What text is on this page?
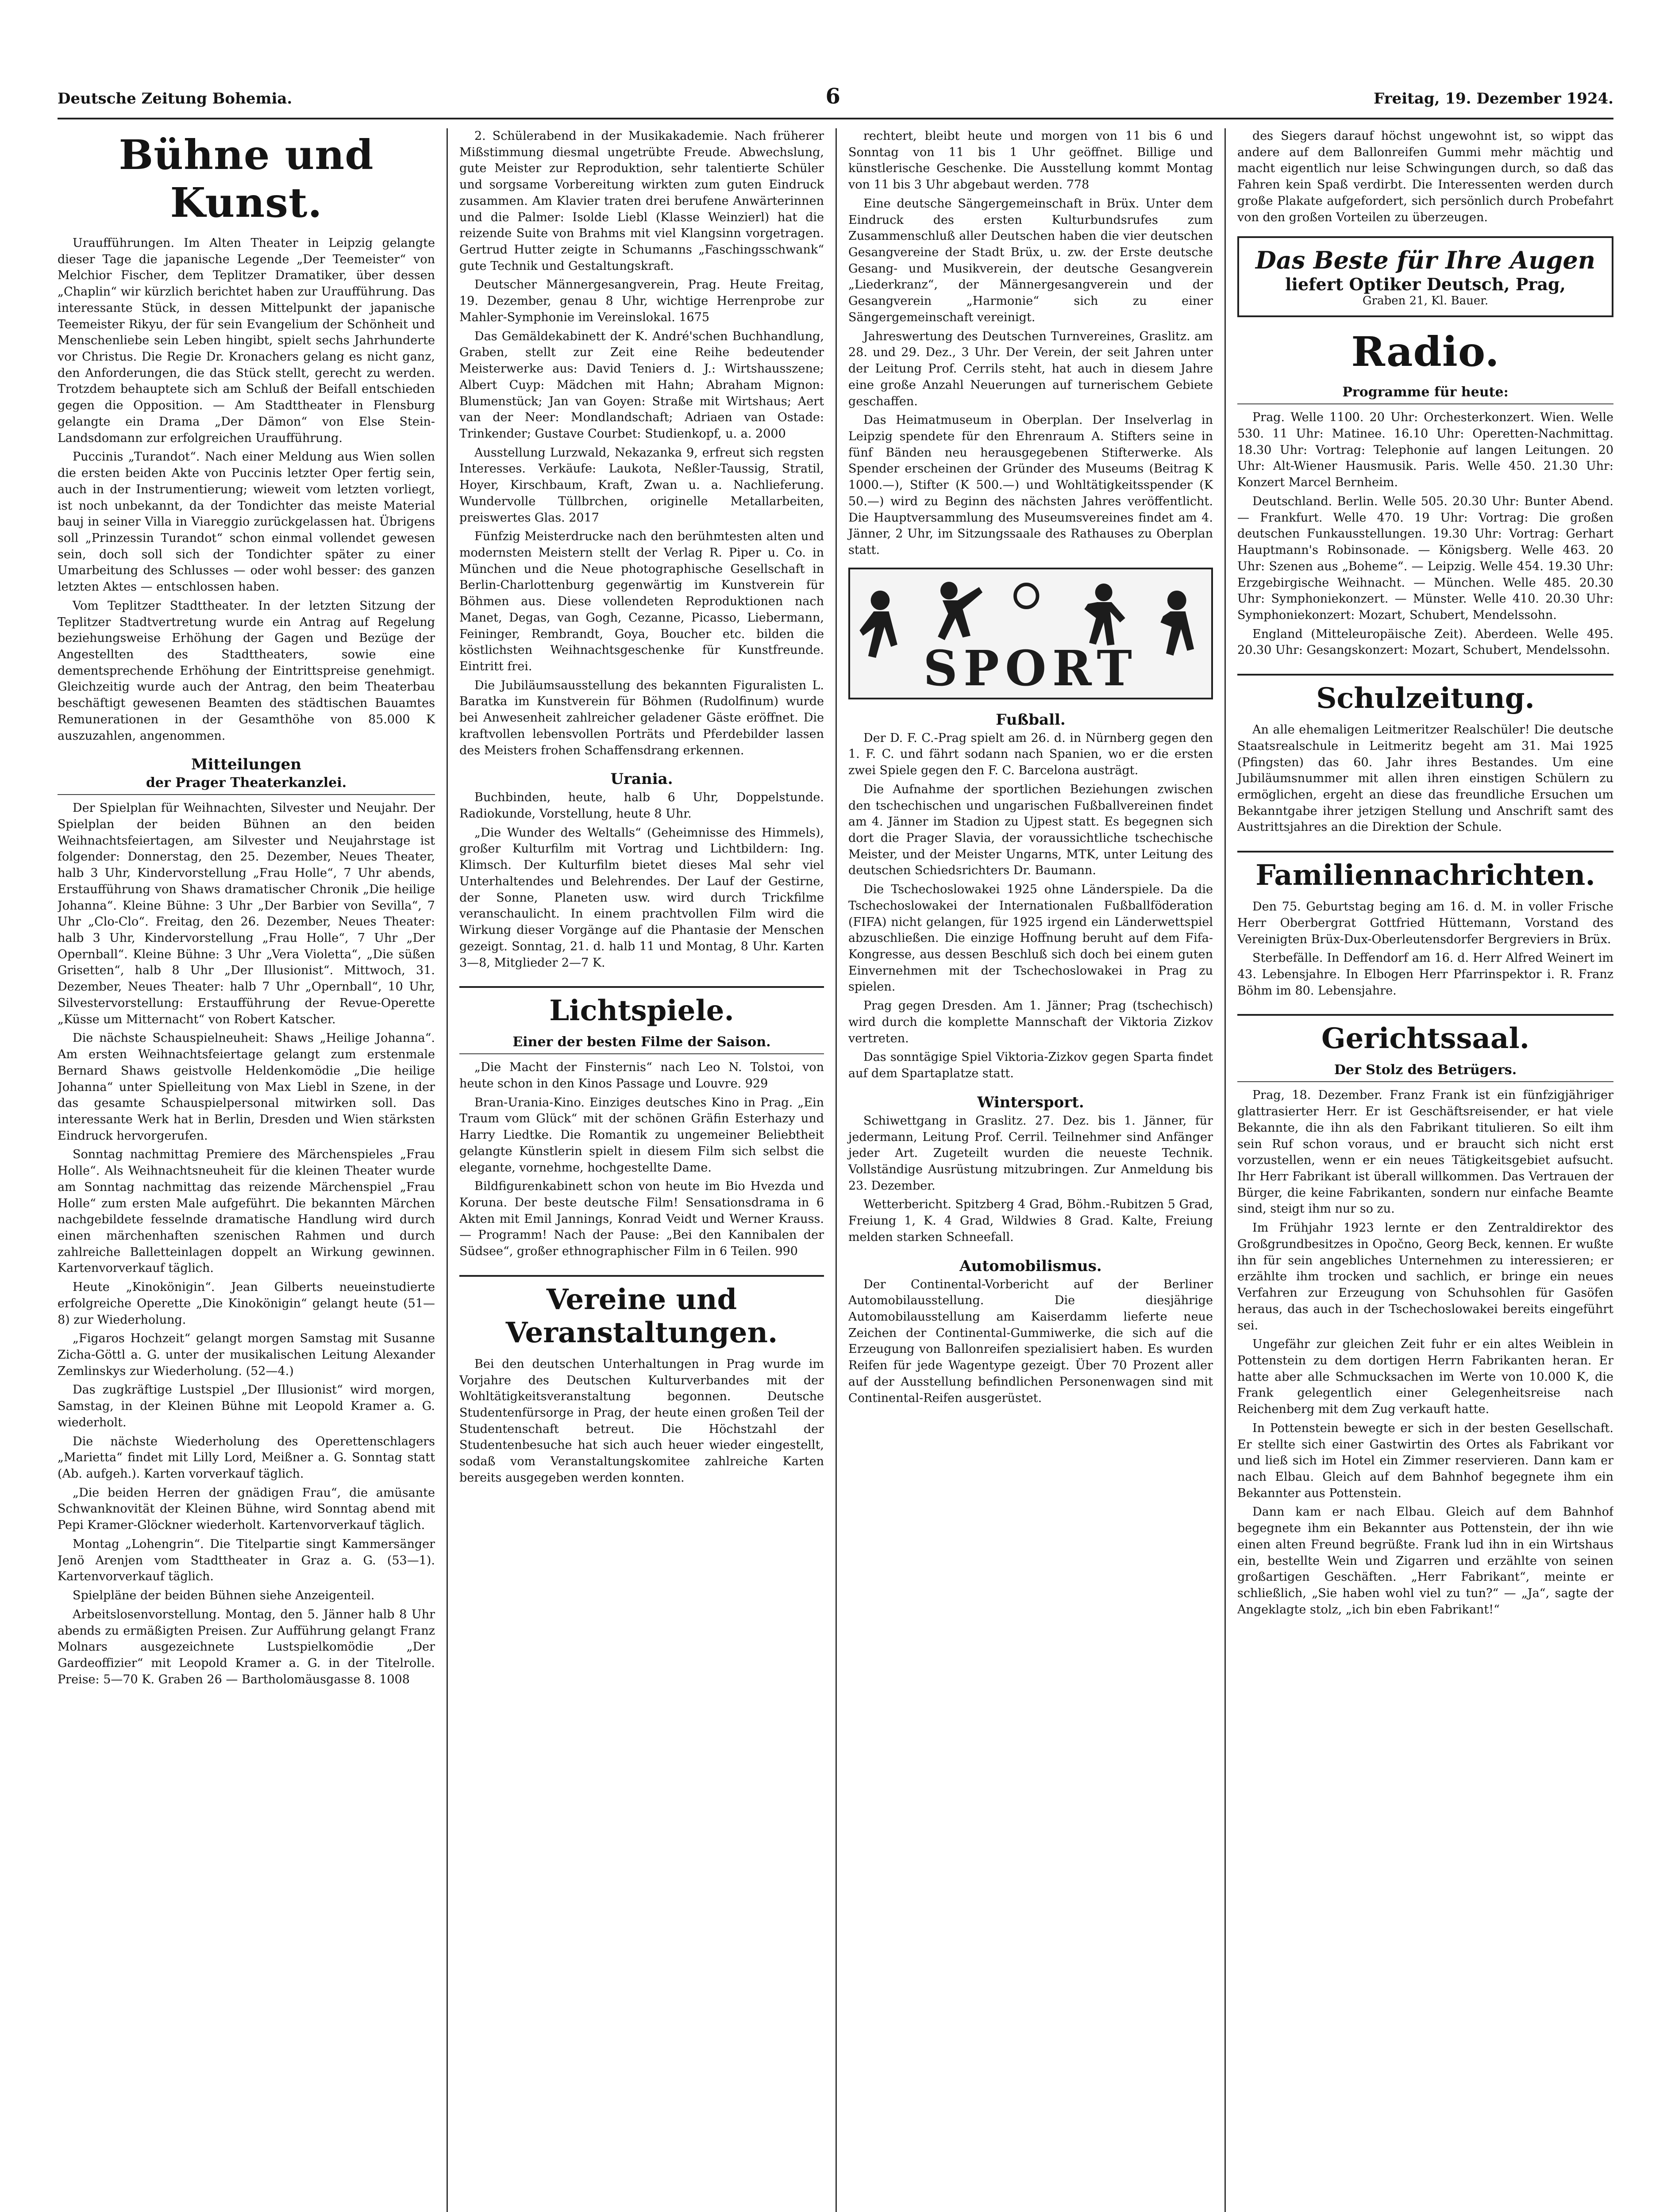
Deutsche Zeitung Bohemia.	6	Freitag, 19. Dezember 1924.
Bühne und Kunst.

Uraufführungen. Im Alten Theater in Leipzig gelangte dieser Tage die japanische Legende „Der Teemeister“ von Melchior Fischer, dem Teplitzer Dramatiker, über dessen „Chaplin“ wir kürzlich berichtet haben zur Uraufführung. Das interessante Stück, in dessen Mittelpunkt der japanische Teemeister Rikyu, der für sein Evangelium der Schönheit und Menschenliebe sein Leben hingibt, spielt sechs Jahrhunderte vor Christus. Die Regie Dr. Kronachers gelang es nicht ganz, den Anforderungen, die das Stück stellt, gerecht zu werden. Trotzdem behauptete sich am Schluß der Beifall entschieden gegen die Opposition. — Am Stadttheater in Flensburg gelangte ein Drama „Der Dämon“ von Else Stein-Landsdomann zur erfolgreichen Uraufführung.

Puccinis „Turandot“. Nach einer Meldung aus Wien sollen die ersten beiden Akte von Puccinis letzter Oper fertig sein, auch in der Instrumentierung; wieweit vom letzten vorliegt, ist noch unbekannt, da der Tondichter das meiste Material bauj in seiner Villa in Viareggio zurückgelassen hat. Übrigens soll „Prinzessin Turandot“ schon einmal vollendet gewesen sein, doch soll sich der Tondichter später zu einer Umarbeitung des Schlusses — oder wohl besser: des ganzen letzten Aktes — entschlossen haben.

Vom Teplitzer Stadttheater. In der letzten Sitzung der Teplitzer Stadtvertretung wurde ein Antrag auf Regelung beziehungsweise Erhöhung der Gagen und Bezüge der Angestellten des Stadttheaters, sowie eine dementsprechende Erhöhung der Eintrittspreise genehmigt. Gleichzeitig wurde auch der Antrag, den beim Theaterbau beschäftigt gewesenen Beamten des städtischen Bauamtes Remunerationen in der Gesamthöhe von 85.000 K auszuzahlen, angenommen.

Mitteilungen
der Prager Theaterkanzlei.

Der Spielplan für Weihnachten, Silvester und Neujahr. Der Spielplan der beiden Bühnen an den beiden Weihnachtsfeiertagen, am Silvester und Neujahrstage ist folgender: Donnerstag, den 25. Dezember, Neues Theater, halb 3 Uhr, Kindervorstellung „Frau Holle“, 7 Uhr abends, Erstaufführung von Shaws dramatischer Chronik „Die heilige Johanna“. Kleine Bühne: 3 Uhr „Der Barbier von Sevilla“, 7 Uhr „Clo-Clo“. Freitag, den 26. Dezember, Neues Theater: halb 3 Uhr, Kindervorstellung „Frau Holle“, 7 Uhr „Der Opernball“. Kleine Bühne: 3 Uhr „Vera Violetta“, „Die süßen Grisetten“, halb 8 Uhr „Der Illusionist“. Mittwoch, 31. Dezember, Neues Theater: halb 7 Uhr „Opernball“, 10 Uhr, Silvestervorstellung: Erstaufführung der Revue-Operette „Küsse um Mitternacht“ von Robert Katscher.

Die nächste Schauspielneuheit: Shaws „Heilige Johanna“. Am ersten Weihnachtsfeiertage gelangt zum erstenmale Bernard Shaws geistvolle Heldenkomödie „Die heilige Johanna“ unter Spielleitung von Max Liebl in Szene, in der das gesamte Schauspielpersonal mitwirken soll. Das interessante Werk hat in Berlin, Dresden und Wien stärksten Eindruck hervorgerufen.

Sonntag nachmittag Premiere des Märchenspieles „Frau Holle“. Als Weihnachtsneuheit für die kleinen Theater wurde am Sonntag nachmittag das reizende Märchenspiel „Frau Holle“ zum ersten Male aufgeführt. Die bekannten Märchen nachgebildete fesselnde dramatische Handlung wird durch einen märchenhaften szenischen Rahmen und durch zahlreiche Balletteinlagen doppelt an Wirkung gewinnen. Kartenvorverkauf täglich.

Heute „Kinokönigin“. Jean Gilberts neueinstudierte erfolgreiche Operette „Die Kinokönigin“ gelangt heute (51—8) zur Wiederholung.

„Figaros Hochzeit“ gelangt morgen Samstag mit Susanne Zicha-Göttl a. G. unter der musikalischen Leitung Alexander Zemlinskys zur Wiederholung. (52—4.)

Das zugkräftige Lustspiel „Der Illusionist“ wird morgen, Samstag, in der Kleinen Bühne mit Leopold Kramer a. G. wiederholt.

Die nächste Wiederholung des Operettenschlagers „Marietta“ findet mit Lilly Lord, Meißner a. G. Sonntag statt (Ab. aufgeh.). Karten vorverkauf täglich.

„Die beiden Herren der gnädigen Frau“, die amüsante Schwanknovität der Kleinen Bühne, wird Sonntag abend mit Pepi Kramer-Glöckner wiederholt. Kartenvorverkauf täglich.

Montag „Lohengrin“. Die Titelpartie singt Kammersänger Jenö Arenjen vom Stadttheater in Graz a. G. (53—1). Kartenvorverkauf täglich.

Spielpläne der beiden Bühnen siehe Anzeigenteil.

Arbeitslosenvorstellung. Montag, den 5. Jänner halb 8 Uhr abends zu ermäßigten Preisen. Zur Aufführung gelangt Franz Molnars ausgezeichnete Lustspielkomödie „Der Gardeoffizier“ mit Leopold Kramer a. G. in der Titelrolle. Preise: 5—70 K. Graben 26 — Bartholomäusgasse 8. 1008

2. Schülerabend in der Musikakademie. Nach früherer Mißstimmung diesmal ungetrübte Freude. Abwechslung, gute Meister zur Reproduktion, sehr talentierte Schüler und sorgsame Vorbereitung wirkten zum guten Eindruck zusammen. Am Klavier traten drei berufene Anwärterinnen und die Palmer: Isolde Liebl (Klasse Weinzierl) hat die reizende Suite von Brahms mit viel Klangsinn vorgetragen. Gertrud Hutter zeigte in Schumanns „Faschingsschwank“ gute Technik und Gestaltungskraft.

Deutscher Männergesangverein, Prag. Heute Freitag, 19. Dezember, genau 8 Uhr, wichtige Herrenprobe zur Mahler-Symphonie im Vereinslokal. 1675

Das Gemäldekabinett der K. André'schen Buchhandlung, Graben, stellt zur Zeit eine Reihe bedeutender Meisterwerke aus: David Teniers d. J.: Wirtshausszene; Albert Cuyp: Mädchen mit Hahn; Abraham Mignon: Blumenstück; Jan van Goyen: Straße mit Wirtshaus; Aert van der Neer: Mondlandschaft; Adriaen van Ostade: Trinkender; Gustave Courbet: Studienkopf, u. a. 2000

Ausstellung Lurzwald, Nekazanka 9, erfreut sich regsten Interesses. Verkäufe: Laukota, Neßler-Taussig, Stratil, Hoyer, Kirschbaum, Kraft, Zwan u. a. Nachlieferung. Wundervolle Tüllbrchen, originelle Metallarbeiten, preiswertes Glas. 2017

Fünfzig Meisterdrucke nach den berühmtesten alten und modernsten Meistern stellt der Verlag R. Piper u. Co. in München und die Neue photographische Gesellschaft in Berlin-Charlottenburg gegenwärtig im Kunstverein für Böhmen aus. Diese vollendeten Reproduktionen nach Manet, Degas, van Gogh, Cezanne, Picasso, Liebermann, Feininger, Rembrandt, Goya, Boucher etc. bilden die köstlichsten Weihnachtsgeschenke für Kunstfreunde. Eintritt frei.

Die Jubiläumsausstellung des bekannten Figuralisten L. Baratka im Kunstverein für Böhmen (Rudolfinum) wurde bei Anwesenheit zahlreicher geladener Gäste eröffnet. Die kraftvollen lebensvollen Porträts und Pferdebilder lassen des Meisters frohen Schaffensdrang erkennen.

Urania.

Buchbinden, heute, halb 6 Uhr, Doppelstunde. Radiokunde, Vorstellung, heute 8 Uhr.

„Die Wunder des Weltalls“ (Geheimnisse des Himmels), großer Kulturfilm mit Vortrag und Lichtbildern: Ing. Klimsch. Der Kulturfilm bietet dieses Mal sehr viel Unterhaltendes und Belehrendes. Der Lauf der Gestirne, der Sonne, Planeten usw. wird durch Trickfilme veranschaulicht. In einem prachtvollen Film wird die Wirkung dieser Vorgänge auf die Phantasie der Menschen gezeigt. Sonntag, 21. d. halb 11 und Montag, 8 Uhr. Karten 3—8, Mitglieder 2—7 K.

Lichtspiele.
Einer der besten Filme der Saison.

„Die Macht der Finsternis“ nach Leo N. Tolstoi, von heute schon in den Kinos Passage und Louvre. 929

Bran-Urania-Kino. Einziges deutsches Kino in Prag. „Ein Traum vom Glück“ mit der schönen Gräfin Esterhazy und Harry Liedtke. Die Romantik zu ungemeiner Beliebtheit gelangte Künstlerin spielt in diesem Film sich selbst die elegante, vornehme, hochgestellte Dame.

Bildfigurenkabinett schon von heute im Bio Hvezda und Koruna. Der beste deutsche Film! Sensationsdrama in 6 Akten mit Emil Jannings, Konrad Veidt und Werner Krauss. — Programm! Nach der Pause: „Bei den Kannibalen der Südsee“, großer ethnographischer Film in 6 Teilen. 990

Vereine und Veranstaltungen.

Bei den deutschen Unterhaltungen in Prag wurde im Vorjahre des Deutschen Kulturverbandes mit der Wohltätigkeitsveranstaltung begonnen. Deutsche Studentenfürsorge in Prag, der heute einen großen Teil der Studentenschaft betreut. Die Höchstzahl der Studentenbesuche hat sich auch heuer wieder eingestellt, sodaß vom Veranstaltungskomitee zahlreiche Karten bereits ausgegeben werden konnten.

rechtert, bleibt heute und morgen von 11 bis 6 und Sonntag von 11 bis 1 Uhr geöffnet. Billige und künstlerische Geschenke. Die Ausstellung kommt Montag von 11 bis 3 Uhr abgebaut werden. 778

Eine deutsche Sängergemeinschaft in Brüx. Unter dem Eindruck des ersten Kulturbundsrufes zum Zusammenschluß aller Deutschen haben die vier deutschen Gesangvereine der Stadt Brüx, u. zw. der Erste deutsche Gesang- und Musikverein, der deutsche Gesangverein „Liederkranz“, der Männergesangverein und der Gesangverein „Harmonie“ sich zu einer Sängergemeinschaft vereinigt.

Jahreswertung des Deutschen Turnvereines, Graslitz. am 28. und 29. Dez., 3 Uhr. Der Verein, der seit Jahren unter der Leitung Prof. Cerrils steht, hat auch in diesem Jahre eine große Anzahl Neuerungen auf turnerischem Gebiete geschaffen.

Das Heimatmuseum in Oberplan. Der Inselverlag in Leipzig spendete für den Ehrenraum A. Stifters seine in fünf Bänden neu herausgegebenen Stifterwerke. Als Spender erscheinen der Gründer des Museums (Beitrag K 1000.—), Stifter (K 500.—) und Wohltätigkeitsspender (K 50.—) wird zu Beginn des nächsten Jahres veröffentlicht. Die Hauptversammlung des Museumsvereines findet am 4. Jänner, 2 Uhr, im Sitzungssaale des Rathauses zu Oberplan statt.

SPORT
Fußball.

Der D. F. C.-Prag spielt am 26. d. in Nürnberg gegen den 1. F. C. und fährt sodann nach Spanien, wo er die ersten zwei Spiele gegen den F. C. Barcelona austrägt.

Die Aufnahme der sportlichen Beziehungen zwischen den tschechischen und ungarischen Fußballvereinen findet am 4. Jänner im Stadion zu Ujpest statt. Es begegnen sich dort die Prager Slavia, der voraussichtliche tschechische Meister, und der Meister Ungarns, MTK, unter Leitung des deutschen Schiedsrichters Dr. Baumann.

Die Tschechoslowakei 1925 ohne Länderspiele. Da die Tschechoslowakei der Internationalen Fußballföderation (FIFA) nicht gelangen, für 1925 irgend ein Länderwettspiel abzuschließen. Die einzige Hoffnung beruht auf dem Fifa-Kongresse, aus dessen Beschluß sich doch bei einem guten Einvernehmen mit der Tschechoslowakei in Prag zu spielen.

Prag gegen Dresden. Am 1. Jänner; Prag (tschechisch) wird durch die komplette Mannschaft der Viktoria Zizkov vertreten.

Das sonntägige Spiel Viktoria-Zizkov gegen Sparta findet auf dem Spartaplatze statt.

Wintersport.

Schiwettgang in Graslitz. 27. Dez. bis 1. Jänner, für jedermann, Leitung Prof. Cerril. Teilnehmer sind Anfänger jeder Art. Zugeteilt wurden die neueste Technik. Vollständige Ausrüstung mitzubringen. Zur Anmeldung bis 23. Dezember.

Wetterbericht. Spitzberg 4 Grad, Böhm.-Rubitzen 5 Grad, Freiung 1, K. 4 Grad, Wildwies 8 Grad. Kalte, Freiung melden starken Schneefall.

Automobilismus.

Der Continental-Vorbericht auf der Berliner Automobilausstellung. Die diesjährige Automobilausstellung am Kaiserdamm lieferte neue Zeichen der Continental-Gummiwerke, die sich auf die Erzeugung von Ballonreifen spezialisiert haben. Es wurden Reifen für jede Wagentype gezeigt. Über 70 Prozent aller auf der Ausstellung befindlichen Personenwagen sind mit Continental-Reifen ausgerüstet.

des Siegers darauf höchst ungewohnt ist, so wippt das andere auf dem Ballonreifen Gummi mehr mächtig und macht eigentlich nur leise Schwingungen durch, so daß das Fahren kein Spaß verdirbt. Die Interessenten werden durch große Plakate aufgefordert, sich persönlich durch Probefahrt von den großen Vorteilen zu überzeugen.

Das Beste für Ihre Augen
liefert Optiker Deutsch, Prag,
Graben 21, Kl. Bauer.
Radio.
Programme für heute:

Prag. Welle 1100. 20 Uhr: Orchesterkonzert. Wien. Welle 530. 11 Uhr: Matinee. 16.10 Uhr: Operetten-Nachmittag. 18.30 Uhr: Vortrag: Telephonie auf langen Leitungen. 20 Uhr: Alt-Wiener Hausmusik. Paris. Welle 450. 21.30 Uhr: Konzert Marcel Bernheim.

Deutschland. Berlin. Welle 505. 20.30 Uhr: Bunter Abend. — Frankfurt. Welle 470. 19 Uhr: Vortrag: Die großen deutschen Funkausstellungen. 19.30 Uhr: Vortrag: Gerhart Hauptmann's Robinsonade. — Königsberg. Welle 463. 20 Uhr: Szenen aus „Boheme“. — Leipzig. Welle 454. 19.30 Uhr: Erzgebirgische Weihnacht. — München. Welle 485. 20.30 Uhr: Symphoniekonzert. — Münster. Welle 410. 20.30 Uhr: Symphoniekonzert: Mozart, Schubert, Mendelssohn.

England (Mitteleuropäische Zeit). Aberdeen. Welle 495. 20.30 Uhr: Gesangskonzert: Mozart, Schubert, Mendelssohn.

Schulzeitung.

An alle ehemaligen Leitmeritzer Realschüler! Die deutsche Staatsrealschule in Leitmeritz begeht am 31. Mai 1925 (Pfingsten) das 60. Jahr ihres Bestandes. Um eine Jubiläumsnummer mit allen ihren einstigen Schülern zu ermöglichen, ergeht an diese das freundliche Ersuchen um Bekanntgabe ihrer jetzigen Stellung und Anschrift samt des Austrittsjahres an die Direktion der Schule.

Familiennachrichten.

Den 75. Geburtstag beging am 16. d. M. in voller Frische Herr Oberbergrat Gottfried Hüttemann, Vorstand des Vereinigten Brüx-Dux-Oberleutensdorfer Bergreviers in Brüx.

Sterbefälle. In Deffendorf am 16. d. Herr Alfred Weinert im 43. Lebensjahre. In Elbogen Herr Pfarrinspektor i. R. Franz Böhm im 80. Lebensjahre.

Gerichtssaal.
Der Stolz des Betrügers.

Prag, 18. Dezember. Franz Frank ist ein fünfzigjähriger glattrasierter Herr. Er ist Geschäftsreisender, er hat viele Bekannte, die ihn als den Fabrikant titulieren. So eilt ihm sein Ruf schon voraus, und er braucht sich nicht erst vorzustellen, wenn er ein neues Tätigkeitsgebiet aufsucht. Ihr Herr Fabrikant ist überall willkommen. Das Vertrauen der Bürger, die keine Fabrikanten, sondern nur einfache Beamte sind, steigt ihm nur so zu.

Im Frühjahr 1923 lernte er den Zentraldirektor des Großgrundbesitzes in Opočno, Georg Beck, kennen. Er wußte ihn für sein angebliches Unternehmen zu interessieren; er erzählte ihm trocken und sachlich, er bringe ein neues Verfahren zur Erzeugung von Schuhsohlen für Gasöfen heraus, das auch in der Tschechoslowakei bereits eingeführt sei.

Ungefähr zur gleichen Zeit fuhr er ein altes Weiblein in Pottenstein zu dem dortigen Herrn Fabrikanten heran. Er hatte aber alle Schmucksachen im Werte von 10.000 K, die Frank gelegentlich einer Gelegenheitsreise nach Reichenberg mit dem Zug verkauft hatte.

In Pottenstein bewegte er sich in der besten Gesellschaft. Er stellte sich einer Gastwirtin des Ortes als Fabrikant vor und ließ sich im Hotel ein Zimmer reservieren. Dann kam er nach Elbau. Gleich auf dem Bahnhof begegnete ihm ein Bekannter aus Pottenstein.

Dann kam er nach Elbau. Gleich auf dem Bahnhof begegnete ihm ein Bekannter aus Pottenstein, der ihn wie einen alten Freund begrüßte. Frank lud ihn in ein Wirtshaus ein, bestellte Wein und Zigarren und erzählte von seinen großartigen Geschäften. „Herr Fabrikant“, meinte er schließlich, „Sie haben wohl viel zu tun?“ — „Ja“, sagte der Angeklagte stolz, „ich bin eben Fabrikant!“
